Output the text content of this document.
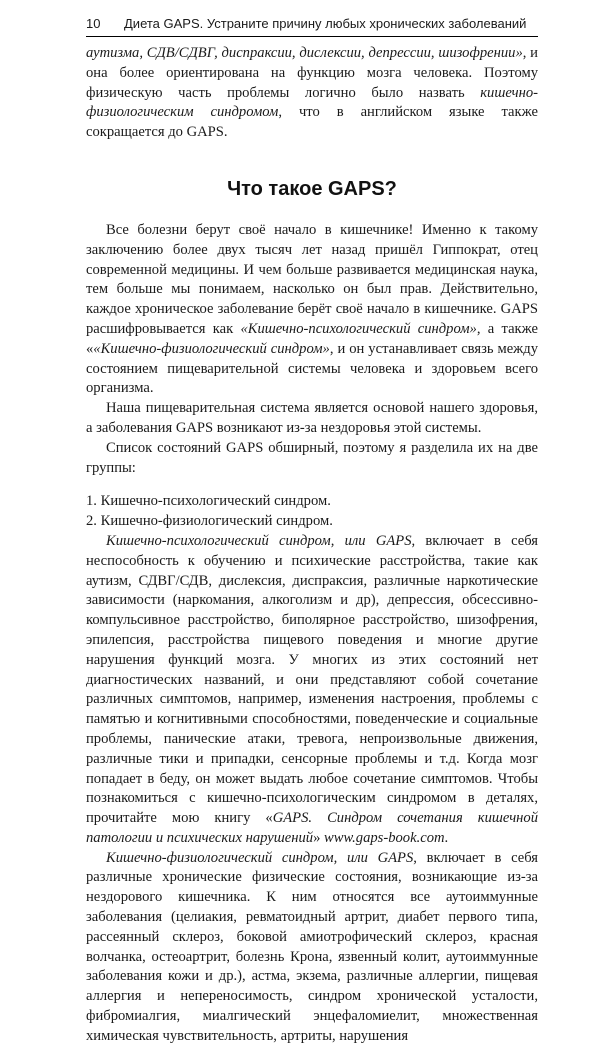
10 Диета GAPS. Устраните причину любых хронических заболеваний

аутизма, СДВ/СДВГ, диспраксии, дислексии, депрессии, шизофрении», и она более ориентирована на функцию мозга человека. Поэтому физическую часть проблемы логично было назвать кишечно-физиологическим синдромом, что в английском языке также сокращается до GAPS.

Что такое GAPS?

Все болезни берут своё начало в кишечнике! Именно к такому заключению более двух тысяч лет назад пришёл Гиппократ, отец современной медицины. И чем больше развивается медицинская наука, тем больше мы понимаем, насколько он был прав. Действительно, каждое хроническое заболевание берёт своё начало в кишечнике. GAPS расшифровывается как «Кишечно-психологический синдром», а также ««Кишечно-физиологический синдром», и он устанавливает связь между состоянием пищеварительной системы человека и здоровьем всего организма.

Наша пищеварительная система является основой нашего здоровья, а заболевания GAPS возникают из-за нездоровья этой системы.

Список состояний GAPS обширный, поэтому я разделила их на две группы:

1. Кишечно-психологический синдром.
2. Кишечно-физиологический синдром.

Кишечно-психологический синдром, или GAPS, включает в себя неспособность к обучению и психические расстройства, такие как аутизм, СДВГ/СДВ, дислексия, диспраксия, различные наркотические зависимости (наркомания, алкоголизм и др), депрессия, обсессивно-компульсивное расстройство, биполярное расстройство, шизофрения, эпилепсия, расстройства пищевого поведения и многие другие нарушения функций мозга. У многих из этих состояний нет диагностических названий, и они представляют собой сочетание различных симптомов, например, изменения настроения, проблемы с памятью и когнитивными способностями, поведенческие и социальные проблемы, панические атаки, тревога, непроизвольные движения, различные тики и припадки, сенсорные проблемы и т.д. Когда мозг попадает в беду, он может выдать любое сочетание симптомов. Чтобы познакомиться с кишечно-психологическим синдромом в деталях, прочитайте мою книгу «GAPS. Синдром сочетания кишечной патологии и психических нарушений» www.gaps-book.com.

Кишечно-физиологический синдром, или GAPS, включает в себя различные хронические физические состояния, возникающие из-за нездорового кишечника. К ним относятся все аутоиммунные заболевания (целиакия, ревматоидный артрит, диабет первого типа, рассеянный склероз, боковой амиотрофический склероз, красная волчанка, остеоартрит, болезнь Крона, язвенный колит, аутоиммунные заболевания кожи и др.), астма, экзема, различные аллергии, пищевая аллергия и непереносимость, синдром хронической усталости, фибромиалгия, миалгический энцефаломиелит, множественная химическая чувствительность, артриты, нарушения
